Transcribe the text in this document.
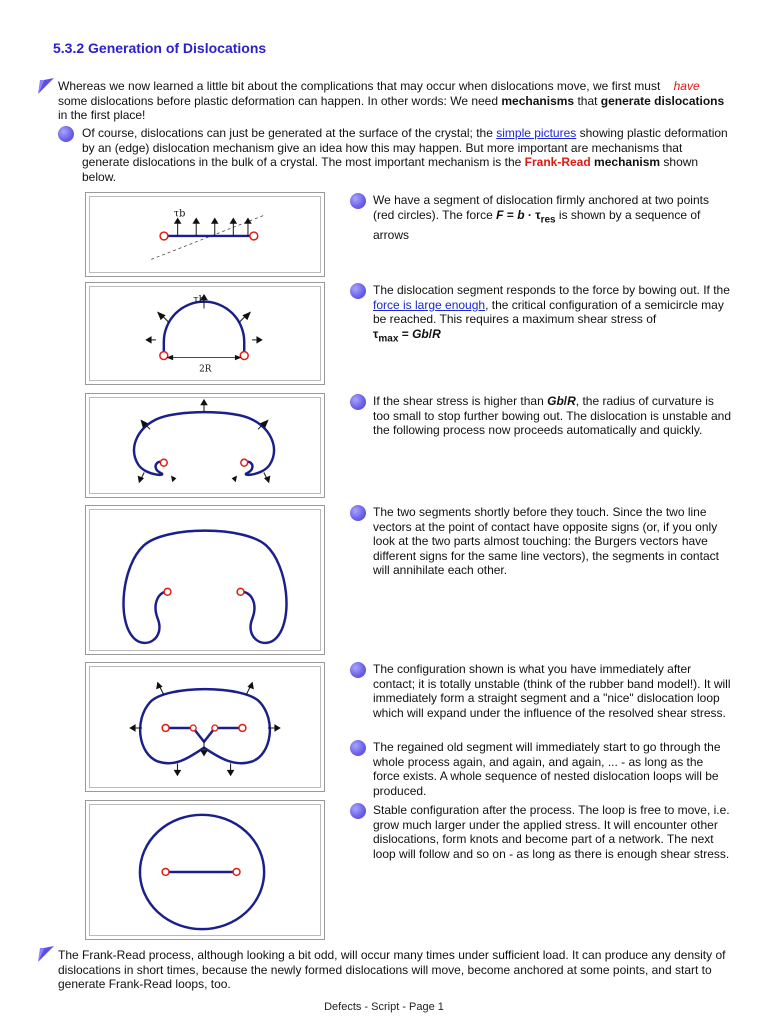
5.3.2 Generation of Dislocations
Whereas we now learned a little bit about the complications that may occur when dislocations move, we first must have some dislocations before plastic deformation can happen. In other words: We need mechanisms that generate dislocations in the first place!
Of course, dislocations can just be generated at the surface of the crystal; the simple pictures showing plastic deformation by an (edge) dislocation mechanism give an idea how this may happen. But more important are mechanisms that generate dislocations in the bulk of a crystal. The most important mechanism is the Frank-Read mechanism shown below.
τb
We have a segment of dislocation firmly anchored at two points (red circles). The force $F = b \cdot \tau_{res}$ is shown by a sequence of arrows
τb
2R
The dislocation segment responds to the force by bowing out. If the force is large enough, the critical configuration of a semicircle may be reached. This requires a maximum shear stress of
$\tau_{max} = Gb/R$
If the shear stress is higher than Gb/R, the radius of curvature is too small to stop further bowing out. The dislocation is unstable and the following process now proceeds automatically and quickly.
The two segments shortly before they touch. Since the two line vectors at the point of contact have opposite signs (or, if you only look at the two parts almost touching: the Burgers vectors have different signs for the same line vectors), the segments in contact will annihilate each other.
The configuration shown is what you have immediately after contact; it is totally unstable (think of the rubber band model!). It will immediately form a straight segment and a "nice" dislocation loop which will expand under the influence of the resolved shear stress.
The regained old segment will immediately start to go through the whole process again, and again, and again, ... - as long as the force exists. A whole sequence of nested dislocation loops will be produced.
Stable configuration after the process. The loop is free to move, i.e. grow much larger under the applied stress. It will encounter other dislocations, form knots and become part of a network. The next loop will follow and so on - as long as there is enough shear stress.
The Frank-Read process, although looking a bit odd, will occur many times under sufficient load. It can produce any density of dislocations in short times, because the newly formed dislocations will move, become anchored at some points, and start to generate Frank-Read loops, too.
Defects - Script - Page 1
